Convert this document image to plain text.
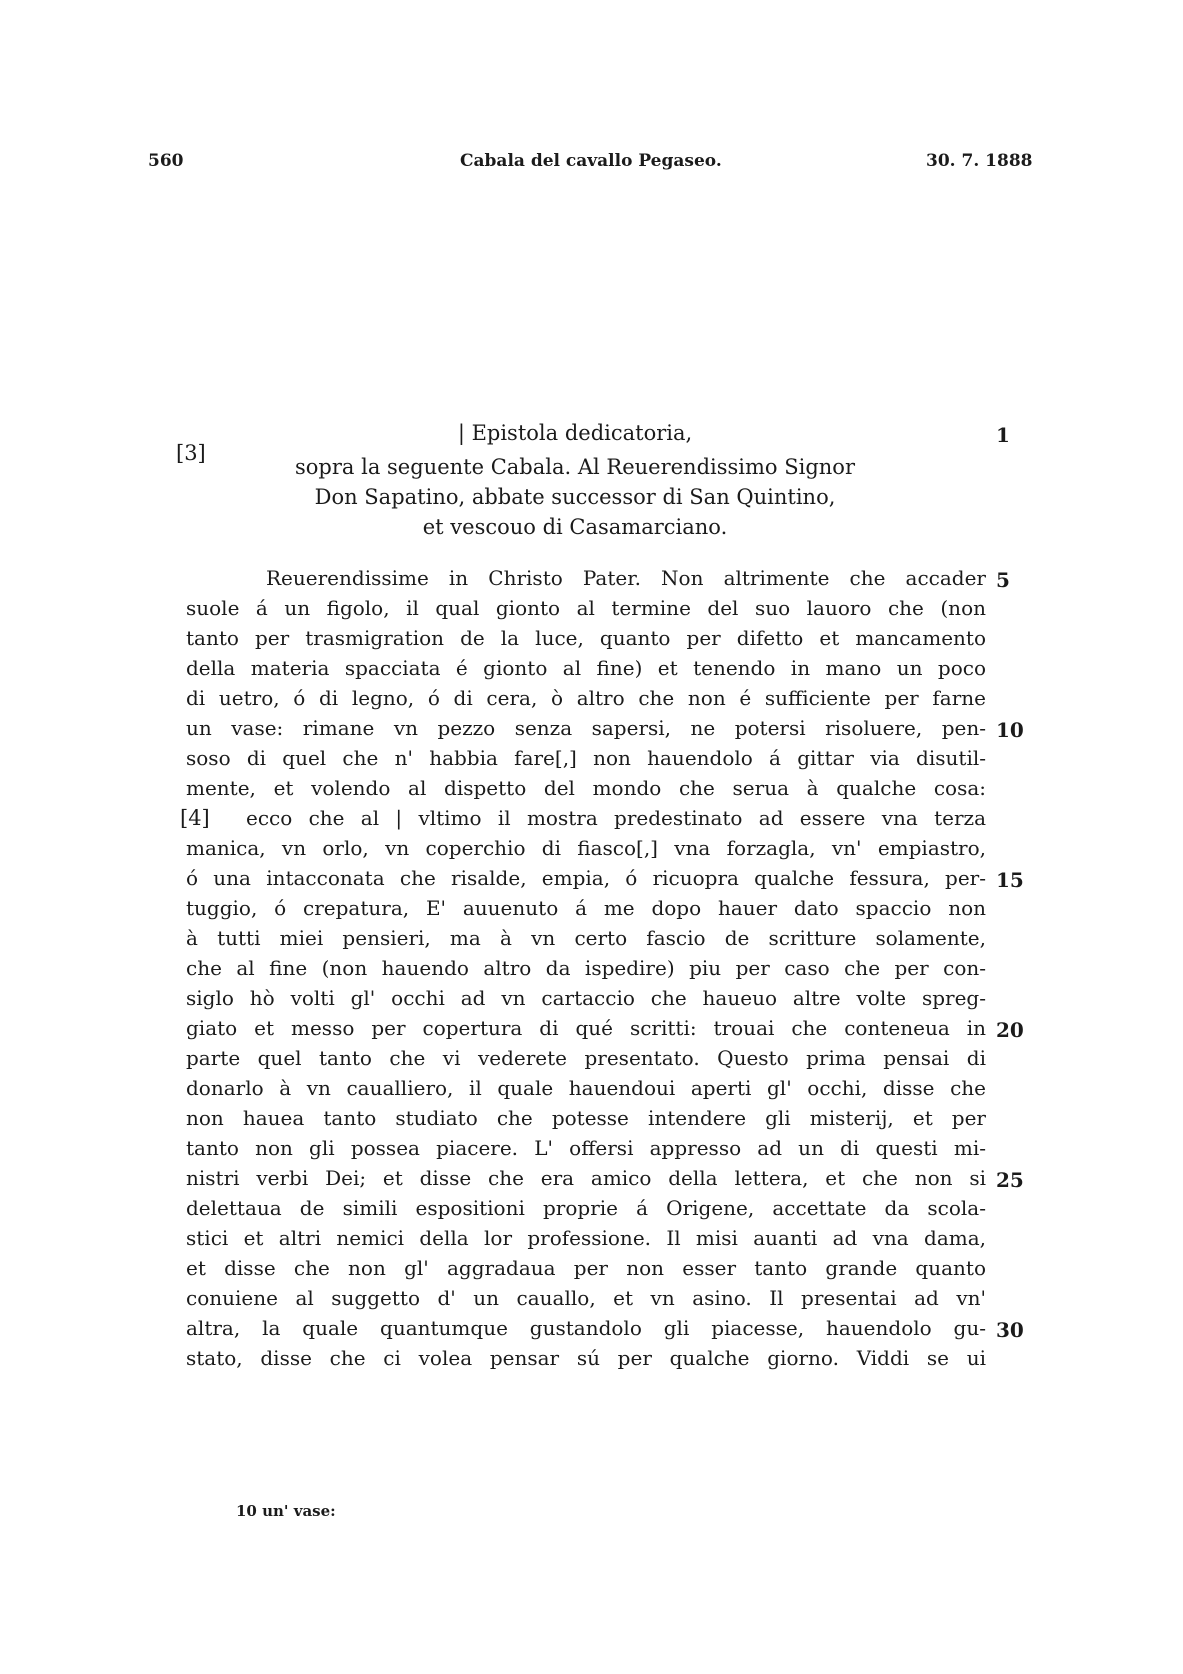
560	Cabala del cavallo Pegaseo.	30. 7. 1888
[3]
| Epistola dedicatoria,
sopra la seguente Cabala. Al Reuerendissimo Signor
Don Sapatino, abbate successor di San Quintino,
et vescouo di Casamarciano.
1
Reuerendissime in Christo Pater. Non altrimente che accader
suole á un figolo, il qual gionto al termine del suo lauoro che (non
tanto per trasmigration de la luce, quanto per difetto et mancamento
della materia spacciata é gionto al fine) et tenendo in mano un poco
di uetro, ó di legno, ó di cera, ò altro che non é sufficiente per farne
un vase: rimane vn pezzo senza sapersi, ne potersi risoluere, pen-
soso di quel che n' habbia fare[,] non hauendolo á gittar via disutil-
mente, et volendo al dispetto del mondo che serua à qualche cosa:
[4] ecco che al | vltimo il mostra predestinato ad essere vna terza
manica, vn orlo, vn coperchio di fiasco[,] vna forzagla, vn' empiastro,
ó una intacconata che risalde, empia, ó ricuopra qualche fessura, per-
tuggio, ó crepatura, E' auuenuto á me dopo hauer dato spaccio non
à tutti miei pensieri, ma à vn certo fascio de scritture solamente,
che al fine (non hauendo altro da ispedire) piu per caso che per con-
siglo hò volti gl' occhi ad vn cartaccio che haueuo altre volte spreg-
giato et messo per copertura di qué scritti: trouai che conteneua in
parte quel tanto che vi vederete presentato. Questo prima pensai di
donarlo à vn caualliero, il quale hauendoui aperti gl' occhi, disse che
non hauea tanto studiato che potesse intendere gli misterij, et per
tanto non gli possea piacere. L' offersi appresso ad un di questi mi-
nistri verbi Dei; et disse che era amico della lettera, et che non si
delettaua de simili espositioni proprie á Origene, accettate da scola-
stici et altri nemici della lor professione. Il misi auanti ad vna dama,
et disse che non gl' aggradaua per non esser tanto grande quanto
conuiene al suggetto d' un cauallo, et vn asino. Il presentai ad vn'
altra, la quale quantumque gustandolo gli piacesse, hauendolo gu-
stato, disse che ci volea pensar sú per qualche giorno. Viddi se ui
5
10
15
20
25
30
10 un' vase:
